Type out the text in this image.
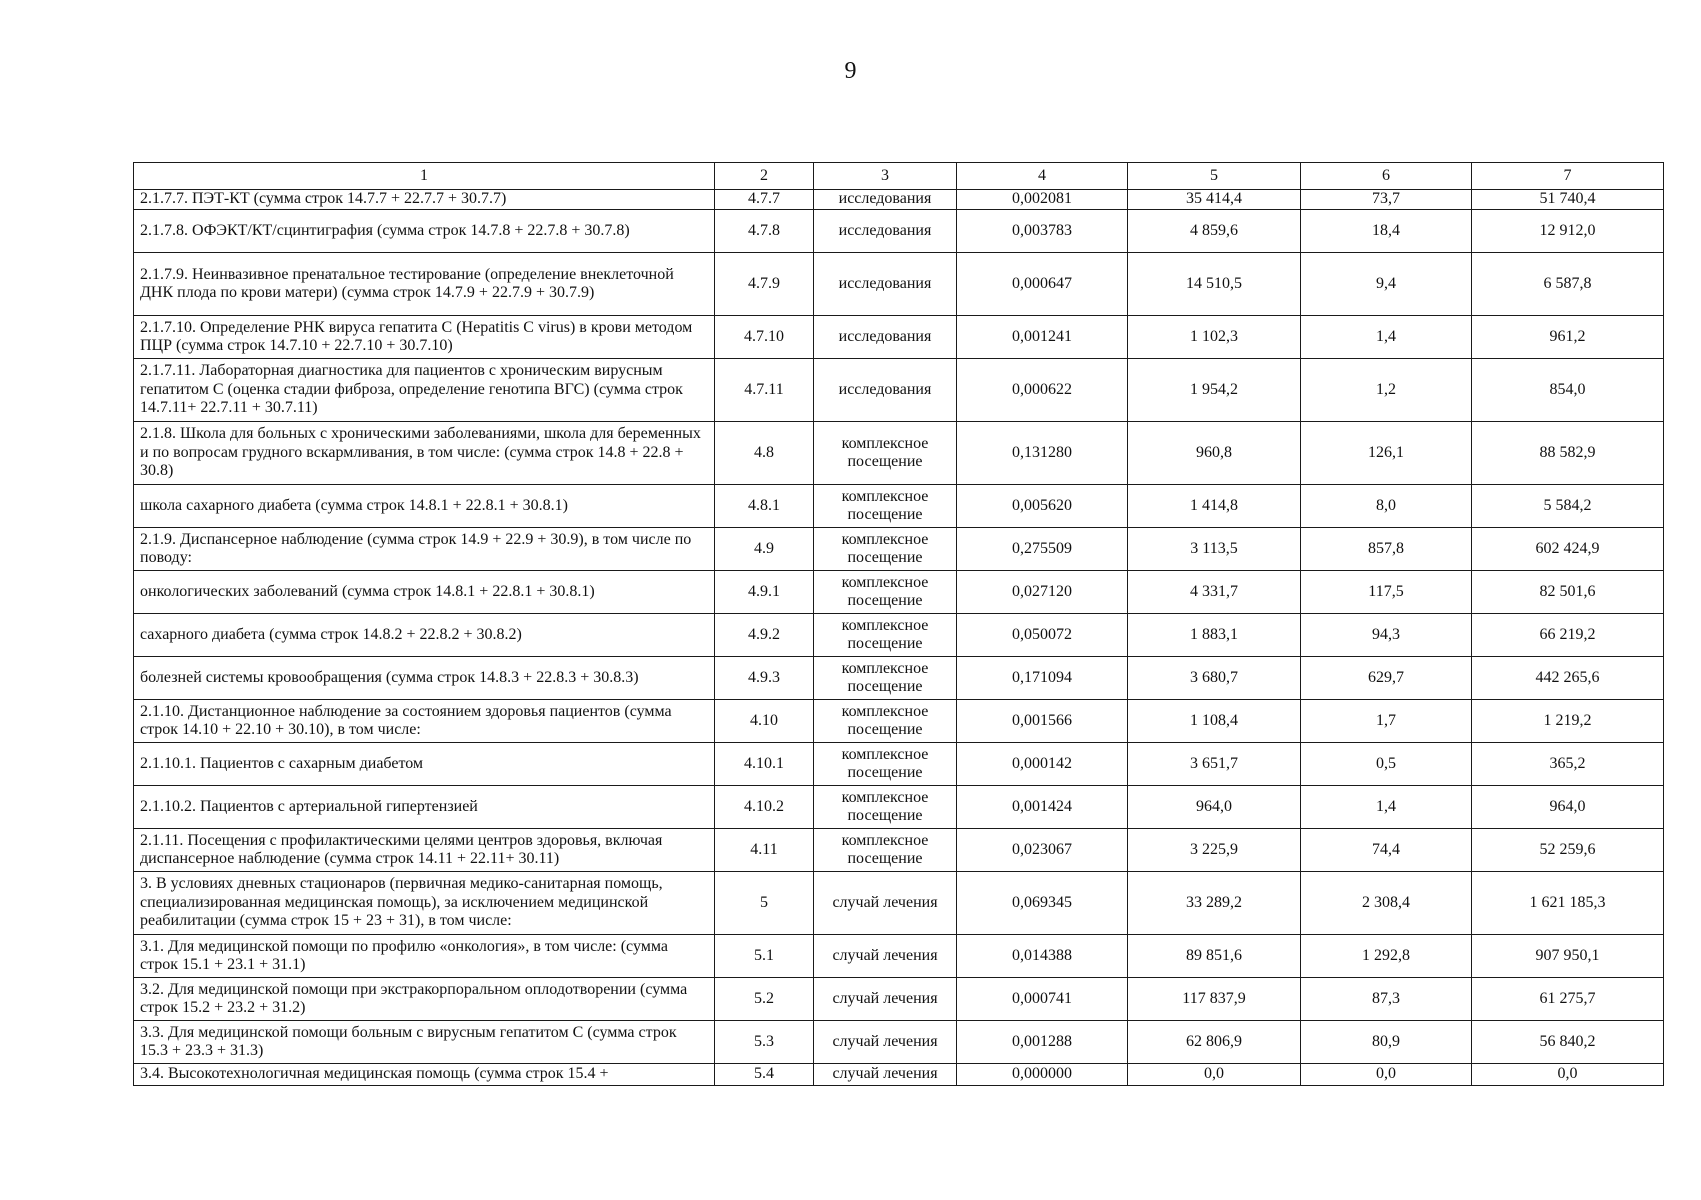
9
1	2	3	4	5	6	7
2.1.7.7. ПЭТ-КТ (сумма строк 14.7.7 + 22.7.7 + 30.7.7)	4.7.7	исследования	0,002081	35 414,4	73,7	51 740,4
2.1.7.8. ОФЭКТ/КТ/сцинтиграфия (сумма строк 14.7.8 + 22.7.8 + 30.7.8)	4.7.8	исследования	0,003783	4 859,6	18,4	12 912,0
2.1.7.9. Неинвазивное пренатальное тестирование (определение внеклеточной ДНК плода по крови матери) (сумма строк 14.7.9 + 22.7.9 + 30.7.9)	4.7.9	исследования	0,000647	14 510,5	9,4	6 587,8
2.1.7.10. Определение РНК вируса гепатита С (Hepatitis С virus) в крови методом ПЦР (сумма строк 14.7.10 + 22.7.10 + 30.7.10)	4.7.10	исследования	0,001241	1 102,3	1,4	961,2
2.1.7.11. Лабораторная диагностика для пациентов с хроническим вирусным гепатитом С (оценка стадии фиброза, определение генотипа ВГС) (сумма строк 14.7.11+ 22.7.11 + 30.7.11)	4.7.11	исследования	0,000622	1 954,2	1,2	854,0
2.1.8. Школа для больных с хроническими заболеваниями, школа для беременных и по вопросам грудного вскармливания, в том числе: (сумма строк 14.8 + 22.8 + 30.8)	4.8	комплексное посещение	0,131280	960,8	126,1	88 582,9
школа сахарного диабета (сумма строк 14.8.1 + 22.8.1 + 30.8.1)	4.8.1	комплексное посещение	0,005620	1 414,8	8,0	5 584,2
2.1.9. Диспансерное наблюдение (сумма строк 14.9 + 22.9 + 30.9), в том числе по поводу:	4.9	комплексное посещение	0,275509	3 113,5	857,8	602 424,9
онкологических заболеваний (сумма строк 14.8.1 + 22.8.1 + 30.8.1)	4.9.1	комплексное посещение	0,027120	4 331,7	117,5	82 501,6
сахарного диабета (сумма строк 14.8.2 + 22.8.2 + 30.8.2)	4.9.2	комплексное посещение	0,050072	1 883,1	94,3	66 219,2
болезней системы кровообращения (сумма строк 14.8.3 + 22.8.3 + 30.8.3)	4.9.3	комплексное посещение	0,171094	3 680,7	629,7	442 265,6
2.1.10. Дистанционное наблюдение за состоянием здоровья пациентов (сумма строк 14.10 + 22.10 + 30.10), в том числе:	4.10	комплексное посещение	0,001566	1 108,4	1,7	1 219,2
2.1.10.1. Пациентов с сахарным диабетом	4.10.1	комплексное посещение	0,000142	3 651,7	0,5	365,2
2.1.10.2. Пациентов с артериальной гипертензией	4.10.2	комплексное посещение	0,001424	964,0	1,4	964,0
2.1.11. Посещения с профилактическими целями центров здоровья, включая диспансерное наблюдение (сумма строк 14.11 + 22.11+ 30.11)	4.11	комплексное посещение	0,023067	3 225,9	74,4	52 259,6
3. В условиях дневных стационаров (первичная медико-санитарная помощь, специализированная медицинская помощь), за исключением медицинской реабилитации (сумма строк 15 + 23 + 31), в том числе:	5	случай лечения	0,069345	33 289,2	2 308,4	1 621 185,3
3.1. Для медицинской помощи по профилю «онкология», в том числе: (сумма строк 15.1 + 23.1 + 31.1)	5.1	случай лечения	0,014388	89 851,6	1 292,8	907 950,1
3.2. Для медицинской помощи при экстракорпоральном оплодотворении (сумма строк 15.2 + 23.2 + 31.2)	5.2	случай лечения	0,000741	117 837,9	87,3	61 275,7
3.3. Для медицинской помощи больным с вирусным гепатитом С (сумма строк 15.3 + 23.3 + 31.3)	5.3	случай лечения	0,001288	62 806,9	80,9	56 840,2
3.4. Высокотехнологичная медицинская помощь (сумма строк 15.4 +	5.4	случай лечения	0,000000	0,0	0,0	0,0
